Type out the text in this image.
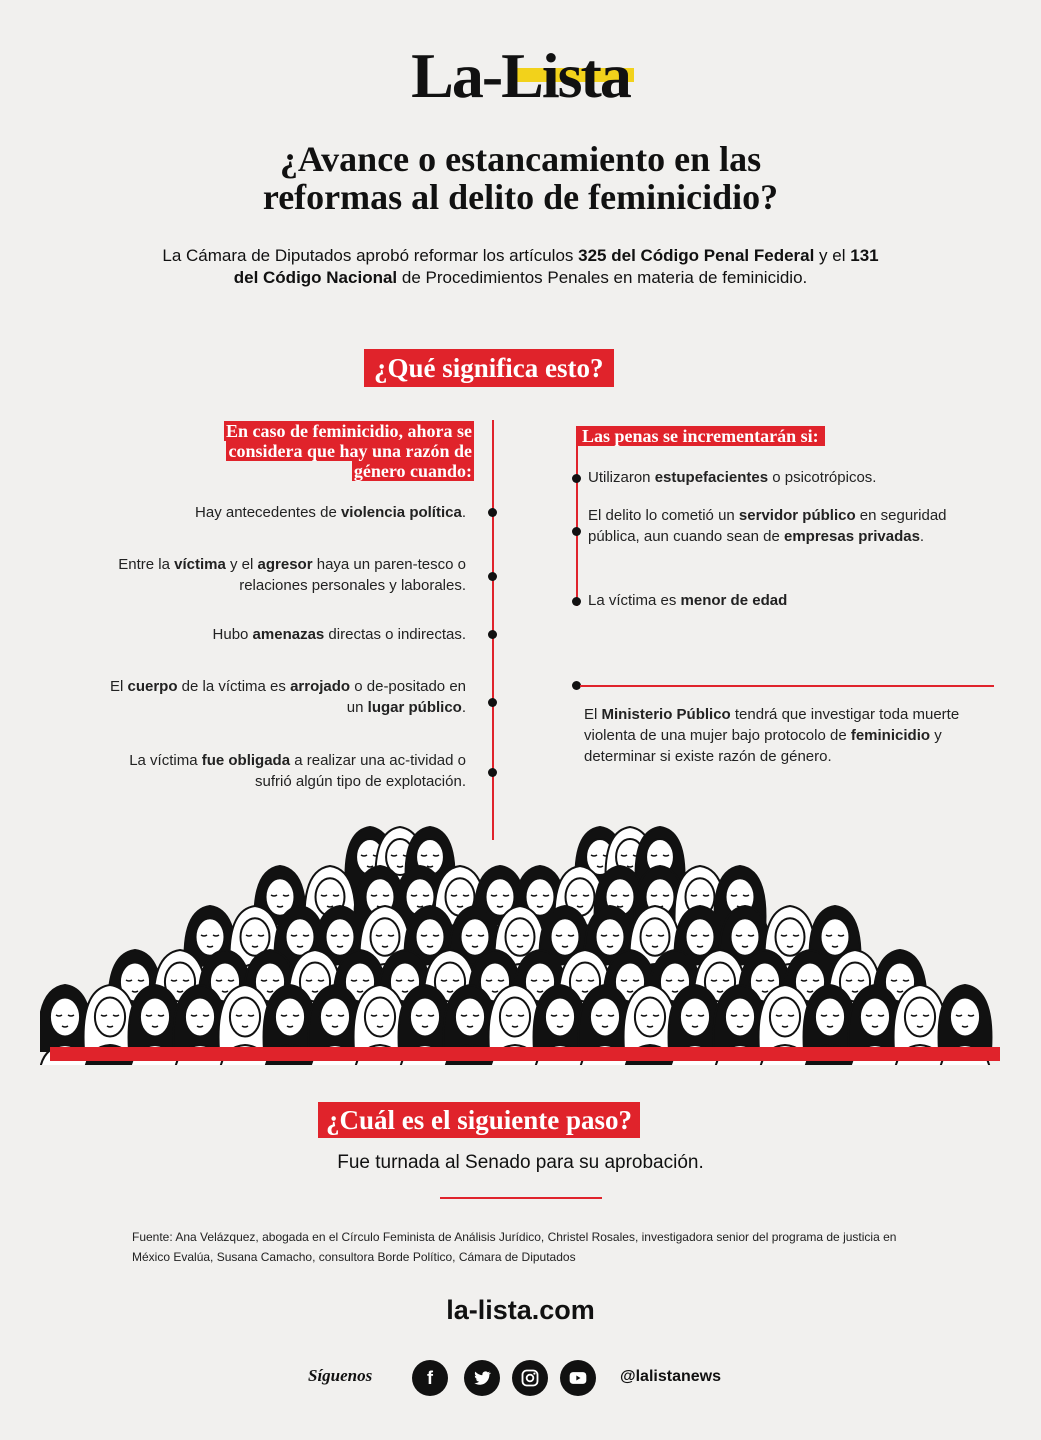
La-Lista
¿Avance o estancamiento en las
reformas al delito de feminicidio?
La Cámara de Diputados aprobó reformar los artículos 325 del Código Penal Federal y el 131 del Código Nacional de Procedimientos Penales en materia de feminicidio.
¿Qué significa esto?
En caso de feminicidio, ahora se
considera que hay una razón de
género cuando:
Hay antecedentes de violencia política.
Entre la víctima y el agresor haya un paren-tesco o relaciones personales y laborales.
Hubo amenazas directas o indirectas.
El cuerpo de la víctima es arrojado o de-positado en un lugar público.
La víctima fue obligada a realizar una ac-tividad o sufrió algún tipo de explotación.
Las penas se incrementarán si:
Utilizaron estupefacientes o psicotrópicos.
El delito lo cometió un servidor público en seguridad pública, aun cuando sean de empresas privadas.
La víctima es menor de edad
El Ministerio Público tendrá que investigar toda muerte violenta de una mujer bajo protocolo de feminicidio y determinar si existe razón de género.
¿Cuál es el siguiente paso?
Fue turnada al Senado para su aprobación.
Fuente: Ana Velázquez, abogada en el Círculo Feminista de Análisis Jurídico, Christel Rosales, investigadora senior del programa de justicia en México Evalúa, Susana Camacho, consultora Borde Político, Cámara de Diputados
la-lista.com
Síguenos	f	@lalistanews
